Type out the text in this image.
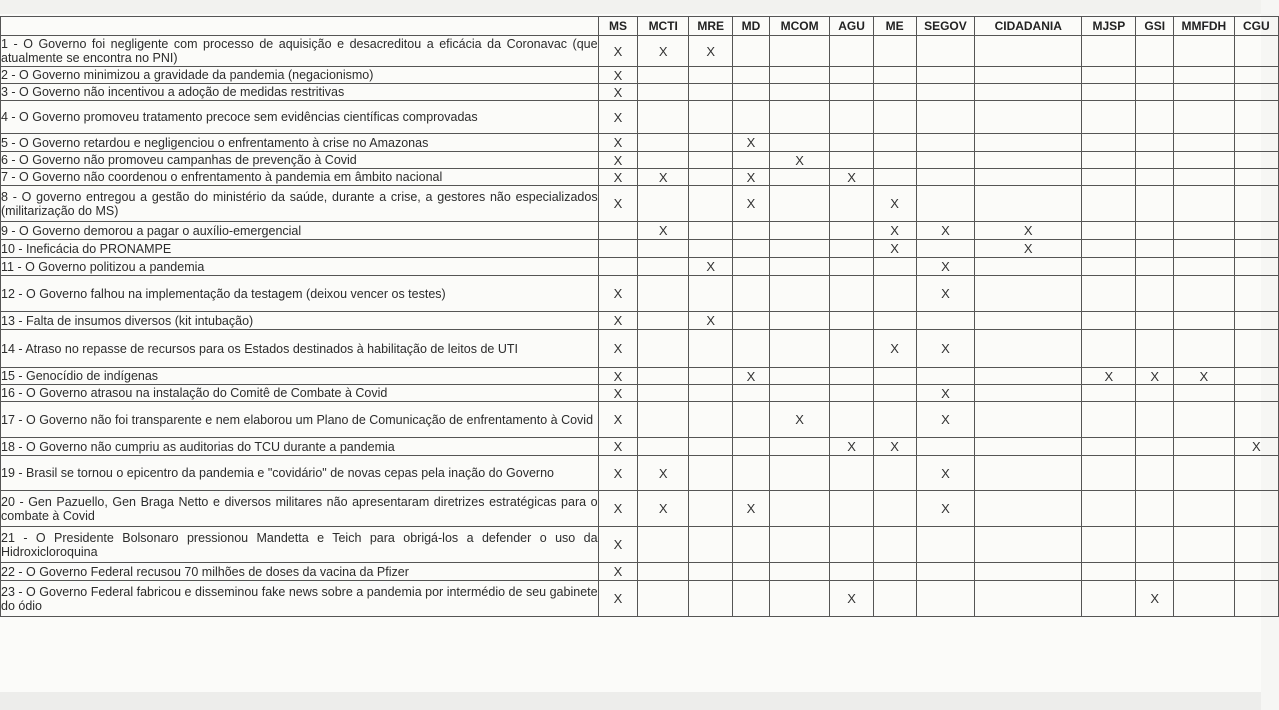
	MS	MCTI	MRE	MD	MCOM	AGU	ME	SEGOV	CIDADANIA	MJSP	GSI	MMFDH	CGU
1 - O Governo foi negligente com processo de aquisição e desacreditou a eficácia da Coronavac (que atualmente se encontra no PNI)	X	X	X										
2 - O Governo minimizou a gravidade da pandemia (negacionismo)	X												
3 - O Governo não incentivou a adoção de medidas restritivas	X												
4 - O Governo promoveu tratamento precoce sem evidências científicas comprovadas	X												
5 - O Governo retardou e negligenciou o enfrentamento à crise no Amazonas	X			X									
6 - O Governo não promoveu campanhas de prevenção à Covid	X				X								
7 - O Governo não coordenou o enfrentamento à pandemia em âmbito nacional	X	X		X		X							
8 - O governo entregou a gestão do ministério da saúde, durante a crise, a gestores não especializados (militarização do MS)	X			X			X						
9 - O Governo demorou a pagar o auxílio-emergencial		X					X	X	X				
10 - Ineficácia do PRONAMPE							X		X				
11 - O Governo politizou a pandemia			X					X					
12 - O Governo falhou na implementação da testagem (deixou vencer os testes)	X							X					
13 - Falta de insumos diversos (kit intubação)	X		X										
14 - Atraso no repasse de recursos para os Estados destinados à habilitação de leitos de UTI	X						X	X					
15 - Genocídio de indígenas	X			X						X	X	X	
16 - O Governo atrasou na instalação do Comitê de Combate à Covid	X							X					
17 - O Governo não foi transparente e nem elaborou um Plano de Comunicação de enfrentamento à Covid	X				X			X					
18 - O Governo não cumpriu as auditorias do TCU durante a pandemia	X					X	X						X
19 - Brasil se tornou o epicentro da pandemia e "covidário" de novas cepas pela inação do Governo	X	X						X					
20 - Gen Pazuello, Gen Braga Netto e diversos militares não apresentaram diretrizes estratégicas para o combate à Covid	X	X		X				X					
21 - O Presidente Bolsonaro pressionou Mandetta e Teich para obrigá-los a defender o uso da Hidroxicloroquina	X												
22 - O Governo Federal recusou 70 milhões de doses da vacina da Pfizer	X												
23 - O Governo Federal fabricou e disseminou fake news sobre a pandemia por intermédio de seu gabinete do ódio	X					X					X		
